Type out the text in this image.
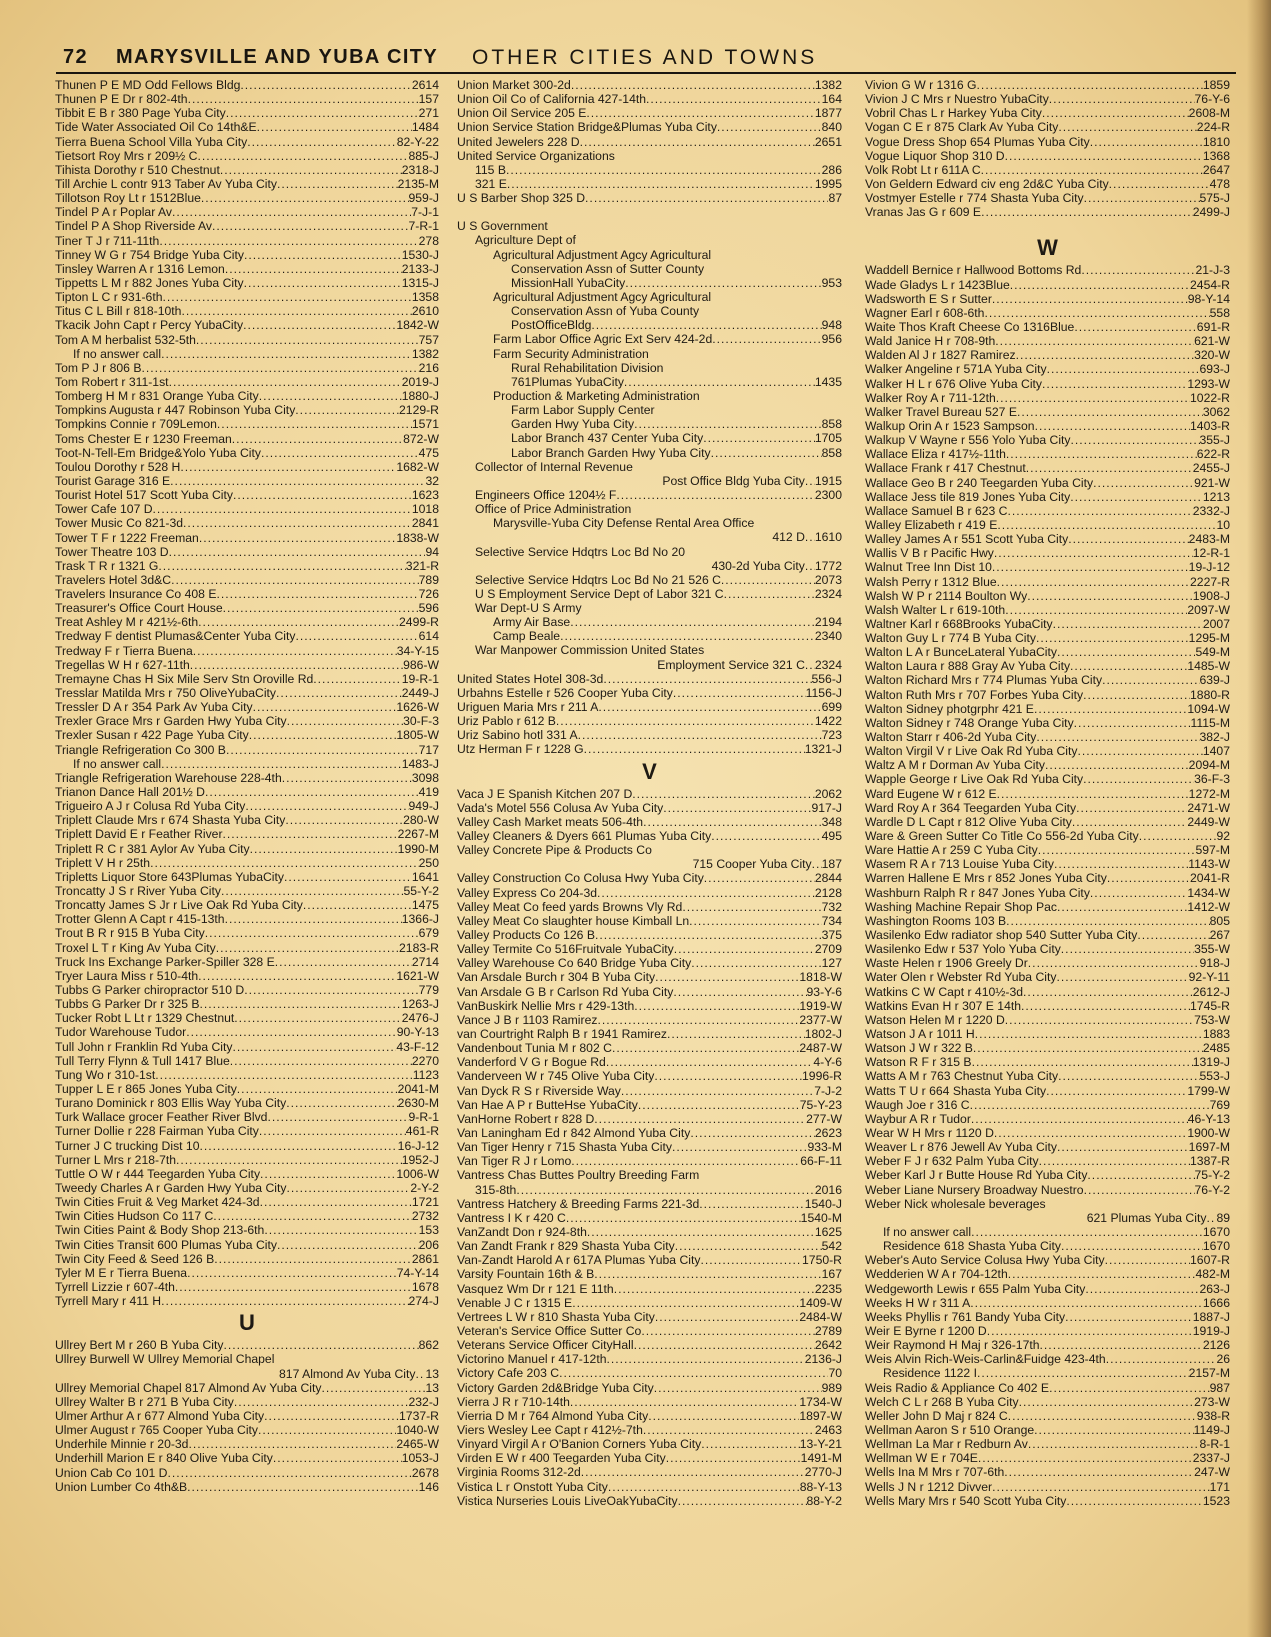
72 MARYSVILLE AND YUBA CITY OTHER CITIES AND TOWNS
Thunen P E MD Odd Fellows Bldg .....	2614
Thunen P E Dr r 802-4th .....	157
Tibbit E B r 380 Page Yuba City .....	271
Tide Water Associated Oil Co 14th&E .....	1484
Tierra Buena School Villa Yuba City .....	82-Y-22
Tietsort Roy Mrs r 209½ C .....	885-J
Tihista Dorothy r 510 Chestnut .....	2318-J
Till Archie L contr 913 Taber Av Yuba City .....	2135-M
Tillotson Roy Lt r 1512Blue .....	959-J
Tindel P A r Poplar Av .....	7-J-1
Tindel P A Shop Riverside Av .....	7-R-1
Tiner T J r 711-11th .....	278
Tinney W G r 754 Bridge Yuba City .....	1530-J
Tinsley Warren A r 1316 Lemon .....	2133-J
Tippetts L M r 882 Jones Yuba City .....	1315-J
Tipton L C r 931-6th .....	1358
Titus C L Bill r 818-10th .....	2610
Tkacik John Capt r Percy YubaCity .....	1842-W
Tom A M herbalist 532-5th .....	757
If no answer call .....	1382
Tom P J r 806 B .....	216
Tom Robert r 311-1st .....	2019-J
Tomberg H M r 831 Orange Yuba City .....	1880-J
Tompkins Augusta r 447 Robinson Yuba City .....	2129-R
Tompkins Connie r 709Lemon .....	1571
Toms Chester E r 1230 Freeman .....	872-W
Toot-N-Tell-Em Bridge&Yolo Yuba City .....	475
Toulou Dorothy r 528 H .....	1682-W
Tourist Garage 316 E .....	32
Tourist Hotel 517 Scott Yuba City .....	1623
Tower Cafe 107 D .....	1018
Tower Music Co 821-3d .....	2841
Tower T F r 1222 Freeman .....	1838-W
Tower Theatre 103 D .....	94
Trask T R r 1321 G .....	321-R
Travelers Hotel 3d&C .....	789
Travelers Insurance Co 408 E .....	726
Treasurer's Office Court House .....	596
Treat Ashley M r 421½-6th .....	2499-R
Tredway F dentist Plumas&Center Yuba City .....	614
Tredway F r Tierra Buena .....	34-Y-15
Tregellas W H r 627-11th .....	986-W
Tremayne Chas H Six Mile Serv Stn Oroville Rd .....	19-R-1
Tresslar Matilda Mrs r 750 OliveYubaCity .....	2449-J
Tressler D A r 354 Park Av Yuba City .....	1626-W
Trexler Grace Mrs r Garden Hwy Yuba City .....	30-F-3
Trexler Susan r 422 Page Yuba City .....	1805-W
Triangle Refrigeration Co 300 B .....	717
If no answer call .....	1483-J
Triangle Refrigeration Warehouse 228-4th .....	3098
Trianon Dance Hall 201½ D .....	419
Trigueiro A J r Colusa Rd Yuba City .....	949-J
Triplett Claude Mrs r 674 Shasta Yuba City .....	280-W
Triplett David E r Feather River .....	2267-M
Triplett R C r 381 Aylor Av Yuba City .....	1990-M
Triplett V H r 25th .....	250
Tripletts Liquor Store 643Plumas YubaCity .....	1641
Troncatty J S r River Yuba City .....	55-Y-2
Troncatty James S Jr r Live Oak Rd Yuba City .....	1475
Trotter Glenn A Capt r 415-13th .....	1366-J
Trout B R r 915 B Yuba City .....	679
Troxel L T r King Av Yuba City .....	2183-R
Truck Ins Exchange Parker-Spiller 328 E .....	2714
Tryer Laura Miss r 510-4th .....	1621-W
Tubbs G Parker chiropractor 510 D .....	779
Tubbs G Parker Dr r 325 B .....	1263-J
Tucker Robt L Lt r 1329 Chestnut .....	2476-J
Tudor Warehouse Tudor .....	90-Y-13
Tull John r Franklin Rd Yuba City .....	43-F-12
Tull Terry Flynn & Tull 1417 Blue .....	2270
Tung Wo r 310-1st .....	1123
Tupper L E r 865 Jones Yuba City .....	2041-M
Turano Dominick r 803 Ellis Way Yuba City .....	2630-M
Turk Wallace grocer Feather River Blvd .....	9-R-1
Turner Dollie r 228 Fairman Yuba City .....	461-R
Turner J C trucking Dist 10 .....	16-J-12
Turner L Mrs r 218-7th .....	1952-J
Tuttle O W r 444 Teegarden Yuba City .....	1006-W
Tweedy Charles A r Garden Hwy Yuba City .....	2-Y-2
Twin Cities Fruit & Veg Market 424-3d .....	1721
Twin Cities Hudson Co 117 C .....	2732
Twin Cities Paint & Body Shop 213-6th .....	153
Twin Cities Transit 600 Plumas Yuba City .....	206
Twin City Feed & Seed 126 B .....	2861
Tyler M E r Tierra Buena .....	74-Y-14
Tyrrell Lizzie r 607-4th .....	1678
Tyrrell Mary r 411 H .....	274-J
U
Ullrey Bert M r 260 B Yuba City .....	862
Ullrey Burwell W Ullrey Memorial Chapel
817 Almond Av Yuba City ..... 13
Ullrey Memorial Chapel 817 Almond Av Yuba City .....	13
Ullrey Walter B r 271 B Yuba City .....	232-J
Ulmer Arthur A r 677 Almond Yuba City .....	1737-R
Ulmer August r 765 Cooper Yuba City .....	1040-W
Underhile Minnie r 20-3d .....	2465-W
Underhill Marion E r 840 Olive Yuba City .....	1053-J
Union Cab Co 101 D .....	2678
Union Lumber Co 4th&B .....	146
Union Market 300-2d .....	1382
Union Oil Co of California 427-14th .....	164
Union Oil Service 205 E .....	1877
Union Service Station Bridge&Plumas Yuba City .....	840
United Jewelers 228 D .....	2651
United Service Organizations
115 B .....	286
321 E .....	1995
U S Barber Shop 325 D .....	87
U S Government
Agriculture Dept of
Agricultural Adjustment Agcy Agricultural
Conservation Assn of Sutter County
MissionHall YubaCity .....	953
Agricultural Adjustment Agcy Agricultural
Conservation Assn of Yuba County
PostOfficeBldg .....	948
Farm Labor Office Agric Ext Serv 424-2d .....	956
Farm Security Administration
Rural Rehabilitation Division
761Plumas YubaCity .....	1435
Production & Marketing Administration
Farm Labor Supply Center
Garden Hwy Yuba City .....	858
Labor Branch 437 Center Yuba City .....	1705
Labor Branch Garden Hwy Yuba City .....	858
Collector of Internal Revenue
Post Office Bldg Yuba City ..... 1915
Engineers Office 1204½ F .....	2300
Office of Price Administration
Marysville-Yuba City Defense Rental Area Office
412 D ..... 1610
Selective Service Hdqtrs Loc Bd No 20
430-2d Yuba City ..... 1772
Selective Service Hdqtrs Loc Bd No 21 526 C .....	2073
U S Employment Service Dept of Labor 321 C .....	2324
War Dept-U S Army
Army Air Base .....	2194
Camp Beale .....	2340
War Manpower Commission United States
Employment Service 321 C ..... 2324
United States Hotel 308-3d .....	556-J
Urbahns Estelle r 526 Cooper Yuba City .....	1156-J
Uriguen Maria Mrs r 211 A .....	699
Uriz Pablo r 612 B .....	1422
Uriz Sabino hotl 331 A .....	723
Utz Herman F r 1228 G .....	1321-J
V
Vaca J E Spanish Kitchen 207 D .....	2062
Vada's Motel 556 Colusa Av Yuba City .....	917-J
Valley Cash Market meats 506-4th .....	348
Valley Cleaners & Dyers 661 Plumas Yuba City .....	495
Valley Concrete Pipe & Products Co
715 Cooper Yuba City ..... 187
Valley Construction Co Colusa Hwy Yuba City .....	2844
Valley Express Co 204-3d .....	2128
Valley Meat Co feed yards Browns Vly Rd .....	732
Valley Meat Co slaughter house Kimball Ln .....	734
Valley Products Co 126 B .....	375
Valley Termite Co 516Fruitvale YubaCity .....	2709
Valley Warehouse Co 640 Bridge Yuba City .....	127
Van Arsdale Burch r 304 B Yuba City .....	1818-W
Van Arsdale G B r Carlson Rd Yuba City .....	93-Y-6
VanBuskirk Nellie Mrs r 429-13th .....	1919-W
Vance J B r 1103 Ramirez .....	2377-W
van Courtright Ralph B r 1941 Ramirez .....	1802-J
Vandenbout Tunia M r 802 C .....	2487-W
Vanderford V G r Bogue Rd .....	4-Y-6
Vanderveen W r 745 Olive Yuba City .....	1996-R
Van Dyck R S r Riverside Way .....	7-J-2
Van Hae A P r ButteHse YubaCity .....	75-Y-23
VanHorne Robert r 828 D .....	277-W
Van Laningham Ed r 842 Almond Yuba City .....	2623
Van Tiger Henry r 715 Shasta Yuba City .....	933-M
Van Tiger R J r Lomo .....	66-F-11
Vantress Chas Buttes Poultry Breeding Farm
315-8th .....	2016
Vantress Hatchery & Breeding Farms 221-3d .....	1540-J
Vantress I K r 420 C .....	1540-M
VanZandt Don r 924-8th .....	1625
Van Zandt Frank r 829 Shasta Yuba City .....	542
Van-Zandt Harold A r 617A Plumas Yuba City .....	1750-R
Varsity Fountain 16th & B .....	167
Vasquez Wm Dr r 121 E 11th .....	2235
Venable J C r 1315 E .....	1409-W
Vertrees L W r 810 Shasta Yuba City .....	2484-W
Veteran's Service Office Sutter Co .....	2789
Veterans Service Officer CityHall .....	2642
Victorino Manuel r 417-12th .....	2136-J
Victory Cafe 203 C .....	70
Victory Garden 2d&Bridge Yuba City .....	989
Vierra J R r 710-14th .....	1734-W
Vierria D M r 764 Almond Yuba City .....	1897-W
Viers Wesley Lee Capt r 412½-7th .....	2463
Vinyard Virgil A r O'Banion Corners Yuba City .....	13-Y-21
Virden E W r 400 Teegarden Yuba City .....	1491-M
Virginia Rooms 312-2d .....	2770-J
Vistica L r Onstott Yuba City .....	88-Y-13
Vistica Nurseries Louis LiveOakYubaCity .....	88-Y-2
Vivion G W r 1316 G .....	1859
Vivion J C Mrs r Nuestro YubaCity .....	76-Y-6
Vobril Chas L r Harkey Yuba City .....	2608-M
Vogan C E r 875 Clark Av Yuba City .....	224-R
Vogue Dress Shop 654 Plumas Yuba City .....	1810
Vogue Liquor Shop 310 D .....	1368
Volk Robt Lt r 611A C .....	2647
Von Geldern Edward civ eng 2d&C Yuba City .....	478
Vostmyer Estelle r 774 Shasta Yuba City .....	575-J
Vranas Jas G r 609 E .....	2499-J
W
Waddell Bernice r Hallwood Bottoms Rd .....	21-J-3
Wade Gladys L r 1423Blue .....	2454-R
Wadsworth E S r Sutter .....	98-Y-14
Wagner Earl r 608-6th .....	558
Waite Thos Kraft Cheese Co 1316Blue .....	691-R
Wald Janice H r 708-9th .....	621-W
Walden Al J r 1827 Ramirez .....	320-W
Walker Angeline r 571A Yuba City .....	693-J
Walker H L r 676 Olive Yuba City .....	1293-W
Walker Roy A r 711-12th .....	1022-R
Walker Travel Bureau 527 E .....	3062
Walkup Orin A r 1523 Sampson .....	1403-R
Walkup V Wayne r 556 Yolo Yuba City .....	355-J
Wallace Eliza r 417½-11th .....	622-R
Wallace Frank r 417 Chestnut .....	2455-J
Wallace Geo B r 240 Teegarden Yuba City .....	921-W
Wallace Jess tile 819 Jones Yuba City .....	1213
Wallace Samuel B r 623 C .....	2332-J
Walley Elizabeth r 419 E .....	10
Walley James A r 551 Scott Yuba City .....	2483-M
Wallis V B r Pacific Hwy .....	12-R-1
Walnut Tree Inn Dist 10 .....	19-J-12
Walsh Perry r 1312 Blue .....	2227-R
Walsh W P r 2114 Boulton Wy .....	1908-J
Walsh Walter L r 619-10th .....	2097-W
Waltner Karl r 668Brooks YubaCity .....	2007
Walton Guy L r 774 B Yuba City .....	1295-M
Walton L A r BunceLateral YubaCity .....	549-M
Walton Laura r 888 Gray Av Yuba City .....	1485-W
Walton Richard Mrs r 774 Plumas Yuba City .....	639-J
Walton Ruth Mrs r 707 Forbes Yuba City .....	1880-R
Walton Sidney photgrphr 421 E .....	1094-W
Walton Sidney r 748 Orange Yuba City .....	1115-M
Walton Starr r 406-2d Yuba City .....	382-J
Walton Virgil V r Live Oak Rd Yuba City .....	1407
Waltz A M r Dorman Av Yuba City .....	2094-M
Wapple George r Live Oak Rd Yuba City .....	36-F-3
Ward Eugene W r 612 E .....	1272-M
Ward Roy A r 364 Teegarden Yuba City .....	2471-W
Wardle D L Capt r 812 Olive Yuba City .....	2449-W
Ware & Green Sutter Co Title Co 556-2d Yuba City .....	92
Ware Hattie A r 259 C Yuba City .....	597-M
Wasem R A r 713 Louise Yuba City .....	1143-W
Warren Hallene E Mrs r 852 Jones Yuba City .....	2041-R
Washburn Ralph R r 847 Jones Yuba City .....	1434-W
Washing Machine Repair Shop Pac .....	1412-W
Washington Rooms 103 B .....	805
Wasilenko Edw radiator shop 540 Sutter Yuba City .....	267
Wasilenko Edw r 537 Yolo Yuba City .....	355-W
Waste Helen r 1906 Greely Dr .....	918-J
Water Olen r Webster Rd Yuba City .....	92-Y-11
Watkins C W Capt r 410½-3d .....	2612-J
Watkins Evan H r 307 E 14th .....	1745-R
Watson Helen M r 1220 D .....	753-W
Watson J A r 1011 H .....	1883
Watson J W r 322 B .....	2485
Watson R F r 315 B .....	1319-J
Watts A M r 763 Chestnut Yuba City .....	553-J
Watts T U r 664 Shasta Yuba City .....	1799-W
Waugh Joe r 316 C .....	769
Waybur A R r Tudor .....	46-Y-13
Wear W H Mrs r 1120 D .....	1900-W
Weaver L r 876 Jewell Av Yuba City .....	1697-M
Weber F J r 632 Palm Yuba City .....	1387-R
Weber Karl J r Butte House Rd Yuba City .....	75-Y-2
Weber Liane Nursery Broadway Nuestro .....	76-Y-2
Weber Nick wholesale beverages
621 Plumas Yuba City ..... 89
If no answer call .....	1670
Residence 618 Shasta Yuba City .....	1670
Weber's Auto Service Colusa Hwy Yuba City .....	1607-R
Wedderien W A r 704-12th .....	482-M
Wedgeworth Lewis r 655 Palm Yuba City .....	263-J
Weeks H W r 311 A .....	1666
Weeks Phyllis r 761 Bandy Yuba City .....	1887-J
Weir E Byrne r 1200 D .....	1919-J
Weir Raymond H Maj r 326-17th .....	2126
Weis Alvin Rich-Weis-Carlin&Fuidge 423-4th .....	26
Residence 1122 I .....	2157-M
Weis Radio & Appliance Co 402 E .....	987
Welch C L r 268 B Yuba City .....	273-W
Weller John D Maj r 824 C .....	938-R
Wellman Aaron S r 510 Orange .....	1149-J
Wellman La Mar r Redburn Av .....	8-R-1
Wellman W E r 704E .....	2337-J
Wells Ina M Mrs r 707-6th .....	247-W
Wells J N r 1212 Divver .....	171
Wells Mary Mrs r 540 Scott Yuba City .....	1523
